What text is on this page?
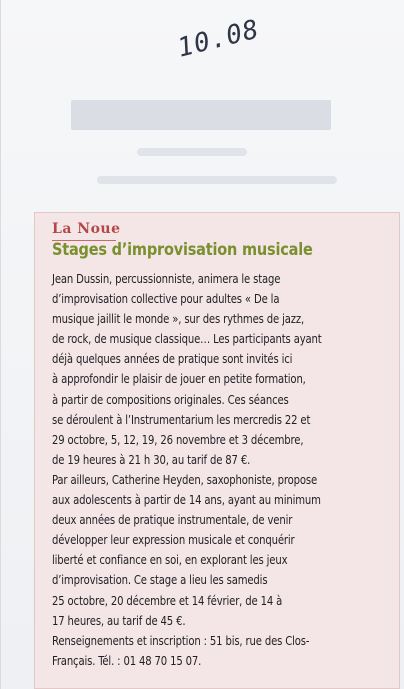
10.08
La Noue
Stages d’improvisation musicale
Jean Dussin, percussionniste, animera le stage
d’improvisation collective pour adultes « De la
musique jaillit le monde », sur des rythmes de jazz,
de rock, de musique classique… Les participants ayant
déjà quelques années de pratique sont invités ici
à approfondir le plaisir de jouer en petite formation,
à partir de compositions originales. Ces séances
se déroulent à l’Instrumentarium les mercredis 22 et
29 octobre, 5, 12, 19, 26 novembre et 3 décembre,
de 19 heures à 21 h 30, au tarif de 87 €.
Par ailleurs, Catherine Heyden, saxophoniste, propose
aux adolescents à partir de 14 ans, ayant au minimum
deux années de pratique instrumentale, de venir
développer leur expression musicale et conquérir
liberté et confiance en soi, en explorant les jeux
d’improvisation. Ce stage a lieu les samedis
25 octobre, 20 décembre et 14 février, de 14 à
17 heures, au tarif de 45 €.
Renseignements et inscription : 51 bis, rue des Clos-
Français. Tél. : 01 48 70 15 07.
